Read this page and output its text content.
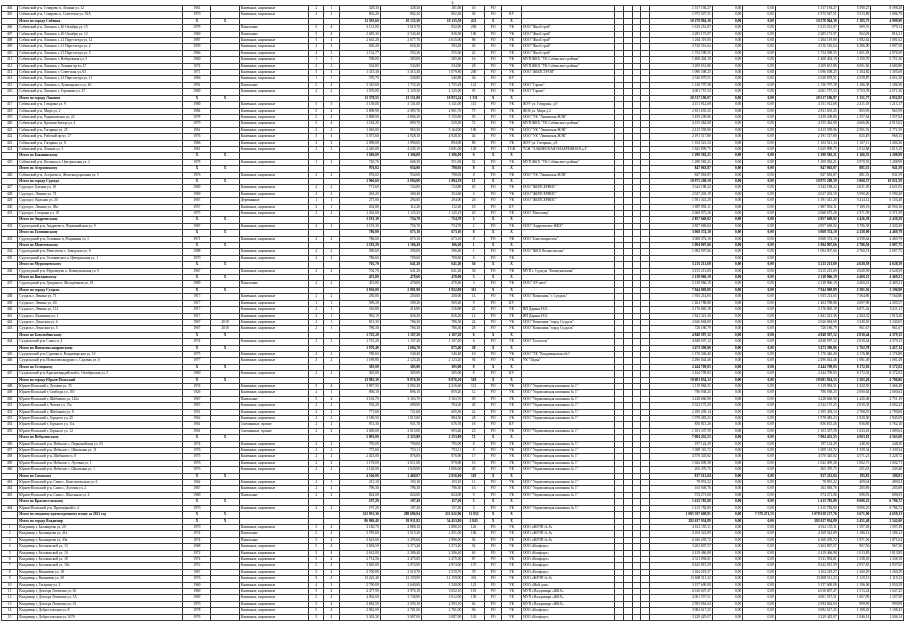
4
404	Собинский р-н, Ставрово п, Ленина ул, 12	1961		Каменные, кирпичные	2	1	328,30	328,30	181,00	16	РО							1 517 194,27	0,00	0,00	1 517 194,27	5 590,27	8 598,20
405	Собинский р-н, Ставрово п, Советская ул, 92А	1970		Каменные, кирпичные	2	2	802,20	802,20	802,20	30	РО	КУ						1 975 547,51	0,00	0,00	1 975 547,51	3 513,89	1 096,79
	Итого по городу Собинка	Х	Х				12 593,60	10 135,50	10 135,50	431	Х	Х						10 278 964,39	0,00	0,00	10 278 964,39	1 185,75	4 999,90
406	Собинский р-н, Лакинск г, 40 Октября ул, 15	1978		Панельные	5	4	3 131,00	3 010,70	832,00	200	РО	УК	ООО "ЖилСтрой"					1 615 251,87	0,00	0,00	1 615 251,87	689,76	979,14
407	Собинский р-н, Лакинск г, 40 Октября ул, 12	1969		Панельные	5	4	2 685,30	2 543,40	836,90	100	РО	УК	ООО "ЖилСтрой"					2 285 173,97	0,00	0,00	2 285 173,97	962,09	816,31
408	Собинский р-н, Лакинск г, 21 Партсъезда ул, 12	1987		Каменные, кирпичные	5	4	2 645,20	2 677,70	4 615,00	88	РО	УК	ООО "ЖилСтрой"					1 264 119,00	0,00	0,00	1 264 119,00	1 082,62	1 081,62
409	Собинский р-н, Лакинск г, 21 Партсъезда ул, 2	1959		Каменные, кирпичные	2	2	650,20	650,20	583,20	40	РО	УК	ООО "ЖилСтрой"					4 516 516,64	0,00	0,00	4 516 516,64	6 286,00	3 897,50
410	Собинский р-н, Лакинск г, 21 Партсъезда ул, 5	1966		Каменные, кирпичные	4	3	1 132,77	555,36	555,36	42	РО	УК	ООО "ЖилСтрой"					1 754 598,55	0,00	0,00	1 754 598,55	1 601,83	2 076,50
411	Собинский р-н, Лакинск г, Набережная ул, 5	1960		Каменные, кирпичные	1	1	708,00	385,60	385,60	16	РО	УК	МУП ЖКХ "УК Собинского района"					1 408 404,19	0,00	0,00	1 408 404,19	3 150,70	3 751,50
412	Собинский р-н, Лакинск г, Ленина пр-кт, 47	1974		Каменные, кирпичные	2	2	534,80	534,80	534,80	28	РО	УК	МУП ЖКХ "УК Собинского района"					3 209 651,86	0,00	0,00	3 209 651,86	6 001,60	4 600,80
413	Собинский р-н, Лакинск г, Советская ул, 63	1971		Каменные, кирпичные	5	3	1 315,30	3 315,30	1 079,80	200	РО	УК	ООО "ЖИЛСТРОЙ"					1 096 508,25	0,00	0,00	1 096 508,25	1 304,82	1 305,69
414	Собинский р-н, Лакинск г, 21 Партсъезда ул, 11	1966		Каменные, кирпичные	1	1	570,70	540,80	540,80	36	РО	КУ						2 520 079,51	0,00	0,00	2 520 079,51	4 559,87	4 651,50
415	Собинский р-н, Лакинск г, Луначарского ул, 46	1991		Панельные	5	4	3 310,60	1 755,28	1 755,28	123	РО	УК	ООО "Гарант"					1 136 797,58	0,00	0,00	1 136 797,58	1 106,58	1 186,56
416	Собинский р-н, Лакинск г, Горшкова ул, 47	1969		Каменные, кирпичные	2	2	1 076,00	2 129,30	2 125,00	95	РО	УК	ООО "Гарант"					4 001 757,53	0,00	0,00	4 001 757,53	3 753,78	2 071,56
	Итого по городу Лакинск	Х	Х				13 378,55	13 131,00	10 953,24	1 311	Х	Х						20 517 196,97	0,00	0,00	20 517 196,97	1 151,77	4 952,82
417	Собинский р-н, Гатцрика ул, 9	1980		Каменные, кирпичные	5	5	3 158,00	3 141,00	3 141,00	113	РО	УК	ЖЭУ ул. Гатцрика, д.9					4 151 912,68	0,00	0,00	4 151 912,68	2 211,18	1 213,17
418	Собинский р-н, Мира ул, 2	1984		Каменные, кирпичные	5	4	3 898,90	2 985,70	2 981,70	75	РО	УК	ЖСК ул. Мира д.2					2 811 655,25	0,00	0,00	2 811 655,25	965,99	965,99
419	Собинский р-н, Родниковская ул, 22	1978		Каменные, кирпичные	5	4	5 808,90	4 806,30	5 155,80	93	РО	УК	ООО "УК "Лакинская ЖЭК"					3 459 209,86	0,00	0,00	3 459 209,86	1 357,64	1 357,64
420	Собинский р-н, Красная Звезда ул, 4	1979		Каменные, кирпичные	5	4	1 182,20	890,70	529,20	72	РО	УК	МУП ЖКХ "УК Собинского района"					4 155 462,08	0,00	0,00	4 155 462,08	4 666,06	4 915,02
421	Собинский р-н, Гагарина ул, 25	1961		Каменные, кирпичные	2	2	1 026,00	965,50	5 164,00	100	РО	УК	ООО "УК "Лакинская ЖЭК"					2 413 359,96	0,00	0,00	2 413 359,96	2 501,91	2 771,50
422	Собинский р-н, Рабочий пр-кт, 17	1976		Каменные, кирпичные	5	4	5 073,60	4 928,10	4 928,10	44	РО	УК	ООО "УК "Лакинская ЖЭК"					2 191 517,80	0,00	0,00	2 191 517,80	825,49	968,15
423	Собинский р-н, Гагарина ул, 8	1966		Каменные, кирпичные	4	2	2 098,00	1 990,00	894,00	80	РО	УК	ЖЭУ ул. Гагарина, д.8					1 104 521,34	0,00	0,00	1 104 521,34	1 167,11	1 204,36
424	Собинский р-н, Ленина ул, 3	1961		Каменные, кирпичные	3	3	2 240,00	4 245,10	3 081,00	128	РО	ТСЖ	ТСЖ "ЛАКИНСКАЯ НАБЕРЕЖНАЯ д.3"					1 625 899,75	0,00	0,00	1 625 899,75	1 012,68	1 015,15
	Итого по Бакшинскому	Х	Х				1 306,00	1 306,00	1 306,00	9	Х	Х						1 290 582,21	0,00	0,00	1 290 582,21	1 166,55	1 208,99
425	Собинский р-н, Колокша п, Центральная ул, 2	1978		Каменные, кирпичные	1	2	726,70	606,30	551,65	32	РО	УК	МУП ЖКХ "УК Собинского района"					1 290 582,21	0,00	0,00	1 290 582,21	2 070,55	1 208,99
	Итого по Асерховскому	Х	Х				976,02	934,00	798,03	8	Х	Х						847 063,87	0,00	0,00	847 063,87	881,35	941,59
426	Собинский р-н, Асерхово п, Железнодорожная ул, 5	1976		Каменные, кирпичные	2	2	976,02	934,00	798,03	8	РО	УК	ООО "УК "Лакинская ЖЭК"					847 063,87	0,00	0,00	847 063,87	881,35	941,59
	Итого по городу Судогда	Х	Х				1 966,60	2 094,00	1 894,39	11	Х	Х						10 975 208,59	0,00	0,00	10 975 208,59	3 968,37	10 021,59
427	Судогда г, Бахина ул, 18	1969		Каменные, кирпичные	2	2	771,60	724,80	724,80	43	РО	УК	ООО "ЖИЛСЕРВИС"					3 342 188,22	0,00	0,00	3 342 188,22	4 631,05	4 631,05
428	Судогда г, Ленина ул, 74	1969		Каменные, кирпичные	2	2	363,20	360,40	354,60	4	РО	УК	ООО "ЖИЛСЕРВИС"					2 027 203,19	0,00	0,00	2 027 203,19	5 590,20	5 590,20
429	Судогда г, Красная ул, 20	1967		Деревянные	1	1	275,00	294,00	294,00	26	РО	УК	ООО "ЖИЛСЕРВИС"					1 591 341,20	0,00	0,00	1 591 341,20	5 414,12	6 154,40
430	Судогда г, Ленина ул, 58а	1957		Каменные, кирпичные	2	1	202,80	112,20	112,20	18	РО	КУ						1 887 892,11	0,00	0,00	1 887 892,11	7 189,19	20 950,16
431	Судогда г, Гагарина ул, 19	1975		Каменные, кирпичные	3	2	1 263,60	1 125,25	1 125,25	20	РО	УК	ООО "Наполнер"					2 668 075,26	0,00	0,00	2 668 075,26	2 371,59	5 371,59
	Итого по Андреевскому	Х	Х				1 191,30	754,70	754,70	2	Х	Х						2 857 669,02	0,00	0,00	2 857 669,02	2 426,38	2 430,29
432	Судогодский р-н, Андреево п, Первомайская ул, 9	1967		Каменные, кирпичные	2	2	1 191,30	754,70	754,70	2	РО	УК	ООО "Андреевское ЖКХ"					2 857 669,02	0,00	0,00	2 857 669,02	3 786,39	2 430,29
	Итого по Головинскому	Х	Х				786,00	673,10	673,10	8	Х	Х						3 068 374,10	0,00	0,00	3 068 374,10	4 158,00	4 469,79
433	Судогодский р-н, Головино п, Рощинная ул, 1	1971		Каменные, кирпичные	2	2	786,00	673,10	673,10	8	РО	УК	ООО "Благотворитель"					3 068 374,10	0,00	0,00	3 068 374,10	4 558,64	4 469,79
	Итого по Моисеевскому	Х	Х				1 183,20	1 106,20	106,20	1	Х	Х						1 094 907,66	0,00	0,00	1 094 907,66	2 786,36	2 097,75
434	Судогодский р-н, Моисеевск с, Заводская ул, 8	1988		Каменные, кирпичные	2	2	396,60	396,60	396,60	1	РО	УК	ООО "ЖКХ Вознесенская"					1 094 907,66	0,00	0,00	1 094 907,66	2 760,74	2 097,75
435	Судогодский р-н, Головинское п, Центральная ул, 1	1970		Каменные, кирпичные	2	2	786,60	709,60	709,60	0	РО	УК							0,00	0,00			
	Итого по Муромцевскому	Х	Х				702,70	641,20	641,20	36	Х	Х						3 215 213,69	0,00	0,00	3 215 213,69	4 628,59	4 628,59
436	Судогодский р-н, Муромцево п, Коммунальная ул, 9	1967		Каменные, кирпичные	2	2	702,70	641,20	641,20	36	РО	УК	МУП г. Судогда "Коммунальник"					3 215 213,69	0,00	0,00	3 215 213,69	4 628,59	4 628,59
	Итого по Вяткинскому	Х	Х				453,80	478,60	478,60	3	Х	Х						2 138 966,19	0,00	0,00	2 138 966,19	4 469,21	4 469,21
437	Судогодский р-н, Гридино п, Молодёжная ул, 18	1989		Панельные	2	2	453,80	478,60	478,60	3	РО	УК	ООО "АУ-авто"					2 138 966,19	0,00	0,00	2 138 966,19	4 469,21	4 469,21
	Итого по городу Суздаль	Х	Х				3 036,00	2 991,90	1 922,80	111	Х	Х						7 944 969,89	0,00	0,00	7 944 969,89	2 381,56	3 196,90
438	Суздаль г, Ленина ул, 71	1917		Каменные, кирпичные	2	2	250,00	250,00	250,00	14	РО	УК	ООО "Компания "г. Суздаль"					1 935 214,65	0,00	0,00	1 935 214,65	7 564,86	7 564,86
439	Суздаль г, Ленина ул, 60	1917		Каменные, кирпичные	1	1	509,20	509,20	509,20	9	РО	КУ						1 404 788,88	0,00	0,00	1 404 788,88	4 097,09	4 295,57
440	Суздаль г, Ленина ул, 112	1917		Каменные, кирпичные	2	1	316,80	316,80	316,80	24	РО	УК	ИП Дарьин Н.О.					2 176 865,18	0,00	0,00	2 176 865,18	6 871,42	5 411,11
441	Суздаль г, Калинина ул, 1	1917		Каменные, кирпичные	2	1	963,10	826,20	826,20	12	РО	УК	ИП Дарьин Н.О.					1 841 321,36	0,00	0,00	1 841 321,36	2 204,52	1 910,20
442	Суздаль г, Лоунская ул, 4	1967	2018	Каменные, кирпичные	2	1	813,30	786,30	786,30	24	РО	УК	ООО "Компания "город Суздаль"					2 626 684,69	0,00	0,00	2 626 684,69	3 340,65	3 340,65
443	Суздаль г, Лоунская ул, 5	1967	2018	Каменные, кирпичные	2	1	786,30	786,30	786,30	28	РО	УК	ООО "Компания "город Суздаль"					726 186,79	0,00	0,00	726 186,79	961,67	961,67
	Итого по Боголюбовскому	Х	Х				1 725,20	1 107,20	1 107,20	6	Х	Х						4 848 597,12	0,00	0,00	4 848 597,12	2 810,44	4 379,15
444	Суздальский р-н, Сокол п, 4	1974		Каменные, кирпичные	3	3	1 725,20	1 107,20	1 107,20	6	РО	УК	ООО "Богополь"					4 848 597,12	0,00	0,00	4 848 597,12	2 810,44	4 379,15
	Итого по Новоалександровскому	Х	Х				1 970,40	1 004,70	875,40	38	Х	Х						3 473 390,86	0,00	0,00	3 473 390,86	1 762,78	3 457,14
445	Суздальский р-н, Садовка п, Владимирская ул, 10	1975		Каменные, кирпичные	2	2	780,60	540,40	540,40	10	РО	УК	ООО "УК "Владимирская обл"					1 176 346,40	0,00	0,00	1 176 346,40	2 176,88	2 176,88
446	Суздальский р-н, Новоалександрово с, Садовая ул, 6	1977		Каменные, кирпичные	3	2	1 189,80	2 123,20	2 123,20	94	РО	УК	УК "Ладья"					2 296 044,46	0,00	0,00	2 296 044,46	1 081,49	1 081,49
	Итого по Селецкому	Х	Х				305,00	305,00	305,00	8	Х	Х						2 444 709,83	0,00	0,00	2 444 709,83	8 172,02	8 172,02
447	Суздальский р-н, Красногвардейский п, Октябрьская ул, 5	1960		Каменные, кирпичные	2	2	305,00	305,00	305,00	8	РО	КУ						2 444 709,83	0,00	0,00	2 444 709,83	8 172,02	8 172,02
	Итого по городу Юрьев-Польский	Х	Х				13 992,30	9 076,30	9 076,30	318	Х	Х						19 681 834,13	0,00	0,00	19 681 834,13	2 165,28	4 786,06
448	Юрьев-Польский г, Луговая ул, 35	1974		Каменные, кирпичные	5	4	3 987,50	3 092,20	2 216,60	112	РО	УК	ООО "Управляющая компания № 1"					1 119 984,51	0,00	0,00	1 119 984,51	1 432,35	1 466,49
449	Юрьев-Польский г, Свободы ул, 101	1926		Каменные, кирпичные	2	1	896,10	896,10	859,20	12	РО	УК	ООО "Управляющая компания № 1"					786 938,25	0,00	0,00	786 938,25	2 000,64	2 000,64
450	Юрьев-Польский г, Шибанова ул, 142а	1967		Панельные	5	4	3 163,70	3 163,70	3 163,70	49	РО	УК	ООО "Управляющая компания № 1"					3 228 660,90	0,00	0,00	3 228 660,90	1 420,48	2 751,19
451	Юрьев-Польский г, Чехова ул, 15а	1967		Каменные, кирпичные	2	2	702,20	699,00	704,20	28	РО	УК	ООО "Управляющая компания № 1"					2 322 175,25	0,00	0,00	2 322 175,25	2 810,35	4 092,23
452	Юрьев-Польский г, Шибанова ул, 8	1951		Каменные, кирпичные	2	2	771,60	721,60	605,30	22	РО	УК	ООО "Управляющая компания № 1"					2 185 439,14	0,00	0,00	2 185 439,14	2 768,53	2 790,06
453	Юрьев-Польский г, Горького ул, 45	1962		Каменные, кирпичные	2	2	1 180,50	1 015,00	984,30	28	РО	УК	ООО "Управляющая компания № 1"					1 978 483,23	0,00	0,00	1 978 483,23	1 929,30	1 945,09
454	Юрьев-Польский г, Горького ул, 11а	1961		Смешанные, прочие	2	2	931,30	931,70	676,70	18	РО	КУ						856 815,26	0,00	0,00	856 815,26	956,89	3 762,10
455	Юрьев-Польский г, Горького ул, 12	1961		Смешанные, прочие	2	2	2 000,00	2 015,00	993,40	23	РО	УК	ООО "Управляющая компания № 1"					1 103 337,59	0,00	0,00	1 103 337,59	1 023,81	1 089,64
	Итого по Небылевскому	Х	Х				5 993,00	2 353,80	2 353,80	72	Х	Х						7 084 452,55	0,00	0,00	7 084 452,55	4 003,81	4 563,60
456	Юрьев-Польский р-н, Небылое с, Первомайская ул, 03	1974		Каменные, кирпичные	2	2	795,00	790,00	795,00	8	РО	УК	ООО "Управляющая компания № 1"					197 124,29	0,00	0,00	197 124,29	248,30	248,30
457	Юрьев-Польский р-н, Небылое с, Школьная ул, 11	1976		Каменные, кирпичные	2	2	775,60	753,11	753,11	9	РО	УК	ООО "Управляющая компания № 1"					1 009 110,72	0,00	0,00	1 009 110,72	1 339,34	1 339,34
458	Юрьев-Польский р-н, Шибаново п, 8	1975		Каменные, кирпичные	2	2	2 023,00	876,00	876,00	17	РО	УК	ООО "Управляющая компания № 1"					4 570 345,82	0,00	0,00	4 570 345,82	4 571,21	5 228,72
459	Юрьев-Польский р-н, Небылое с, Луговая ул, 1	1976		Каменные, кирпичные	2	2	1 179,00	2 011,00	979,00	10	РО	УК	ООО "Управляющая компания № 1"					1 042 009,38	0,00	0,00	1 042 009,38	1 002,71	1 002,71
460	Юрьев-Польский р-н, Небылое с, Школьная ул, 1	1976		Каменные, кирпичные	2	2	1 126,90	1 020,00	1 006,00	28	РО	УК	ООО "Управляющая компания № 1"					265 470,75	0,00	0,00	265 470,75	251,63	249,40
	Итого по Симскому	Х	Х				4 166,00	3 468,07	2 016,60	119	Х	Х						817 212,04	0,00	0,00	817 212,04	195,82	180,81
461	Юрьев-Польский р-н, Сима с, Комсомольская ул, 6	1962		Каменные, кирпичные	2	1	211,10	193,10	193,10	11	РО	УК	ООО "Управляющая компания № 1"					78 991,22	0,00	0,00	78 991,22	409,04	409,04
462	Юрьев-Польский р-н, Сима с, Луговая ул, 2	1967		Каменные, кирпичные	2	2	796,30	796,30	796,30	16	РО	УК	ООО "Управляющая компания № 1"					163 949,76	0,00	0,00	163 949,76	205,89	205,89
463	Юрьев-Польский р-н, Сима с, Школьная ул, 4	1980		Панельные	2	2	824,00	824,00	824,00	9	РО	УК	ООО "Управляющая компания № 1"					574 271,06	0,00	0,00	574 271,06	696,93	696,93
	Итого по Красносельскому	Х	Х				197,20	197,20	157,20	5	Х	Х						1 415 782,80	0,00	0,00	1 415 782,80	9 006,25	6 786,72
464	Юрьев-Польский р-н, Приозерный п, 4	1970		Каменные, кирпичные	2	2	197,20	197,20	157,20	5	РО	УК	ООО "Управляющая компания № 1"					1 415 782,80	0,00	0,00	1 415 782,80	9 006,25	6 786,72
	Итого по сводному краткосрочному плану за 2021 год	Х	Х				325 953,36	288 696,94	211 632,96	13 832	Х	Х						1 085 597 608,91	0,00	7 579 471,15	1 078 018 137,76	3 671,96	4 659,33
	Итого по городу Владимир	Х	Х				86 086,40	81 911,82	54 453,86	2 843	Х	Х						282 637 934,89	0,00	0,00	282 637 934,89	3 451,48	3 542,60
1	Владимир г, Балакирева ул, 20	1970		Каменные, кирпичные	5	4	3 160,70	2 888,10	2 888,10	126	РО	УК	ООО «ЖРЭП № 8»					4 612 155,11	0,00	0,00	4 612 155,11	1 597,49	1 597,49
2	Владимир г, Балакирева ул, 41а	1974		Панельные	5	4	3 785,60	3 515,20	2 451,00	106	РО	УК	ООО «ЖРЭП № 8»					4 169 322,89	0,00	0,00	4 169 322,89	1 186,12	1 186,12
3	Владимир г, Балакирева ул, 43а	1974		Панельные	5	4	3 623,60	3 295,66	2 986,00	94	РО	УК	ООО «ЖРЭП № 8»					6 166 295,72	0,00	0,00	6 166 295,72	1 871,04	1 871,04
4	Владимир г, Белоконской ул, 13	1968		Каменные, кирпичные	5	4	3 694,50	3 373,20	3 373,20	92	РО	УК	ООО «Комфорт»					3 263 807,57	0,00	0,00	3 263 807,57	967,56	967,56
5	Владимир г, Белоконской ул, 14	1972		Каменные, кирпичные	5	4	2 632,00	2 386,40	2 386,40	60	РО	УК	ООО «Комфорт»					2 419 466,88	0,00	0,00	2 419 466,88	1 013,85	1 013,85
6	Владимир г, Белоконской ул, 18	1974		Каменные, кирпичные	5	4	2 714,56	2 475,00	2 475,00	87	РО	УК	ООО «Комфорт»					3 311 994,81	0,00	0,00	3 311 994,81	1 338,18	1 338,18
7	Владимир г, Белоконской ул, 10а	1972		Каменные, кирпичные	5	4	3 065,00	2 874,00	2 874,00	107	РО	УК	ООО «Комфорт»					8 442 815,59	0,00	0,00	8 442 815,59	2 937,65	2 937,65
8	Владимир г, Вишневая ул, 18	1967		Каменные, кирпичные	5	4	2 700,80	2 510,70	2 510,70	78	РО	УК	ООО «Комфорт»					3 164 219,27	0,00	0,00	3 164 219,27	1 260,29	1 260,29
9	Владимир г, Вишневая ул, 20	1976		Каменные, кирпичные	9	4	13 225,40	12 159,90	12 159,90	301	РО	УК	ООО «ЖРЭП № 8»					13 608 511,23	0,00	0,00	13 608 511,23	1 119,13	1 119,13
10	Владимир г, Гагарина ул, 4	1960		Каменные, кирпичные	4	3	2 700,00	2 640,00	1 540,00	123	РО	УК	ООО «Мой дом»					3 157 600,00	0,00	0,00	3 157 600,00	1 196,06	2 050,39
11	Владимир г, Доктора Левитана ул, 3б	1969		Каменные, кирпичные	5	4	4 477,90	3 976,10	3 652,10	181	РО	УК	МУП г.Владимира «ЖКХ»					6 016 607,47	0,00	0,00	6 016 607,47	1 513,24	1 647,45
12	Владимир г, Доктора Левитана ул, 5А	1969		Каменные, кирпичные	5	4	4 002,60	3 746,80	3 612,90	158	РО	УК	МУП г.Владимира «ЖКХ»					4 001 557,51	0,00	0,00	4 001 557,51	1 067,99	1 107,58
13	Владимир г, Доктора Левитана ул, 33	1970		Каменные, кирпичные	5	4	2 682,50	2 593,10	2 593,10	62	РО	УК	МУП г.Владимира «ЖКХ»					2 593 062,04	0,00	0,00	2 593 062,04	999,99	999,99
14	Владимир г, Добросельская ул, 8	1978		Каменные, кирпичные	5	4	2 962,00	2 781,00	2 781,00	96	РО	УК	ООО «Комфорт»					3 082 617,25	0,00	0,00	3 082 617,25	1 108,45	1 108,45
15	Владимир г, Добросельская ул, 167б	1976		Каменные, кирпичные	5	4	3 302,30	3 087,00	3 087,00	102	РО	УК	ООО «Комфорт»					3 229 425,07	0,00	0,00	3 229 425,07	1 046,14	1 046,14
